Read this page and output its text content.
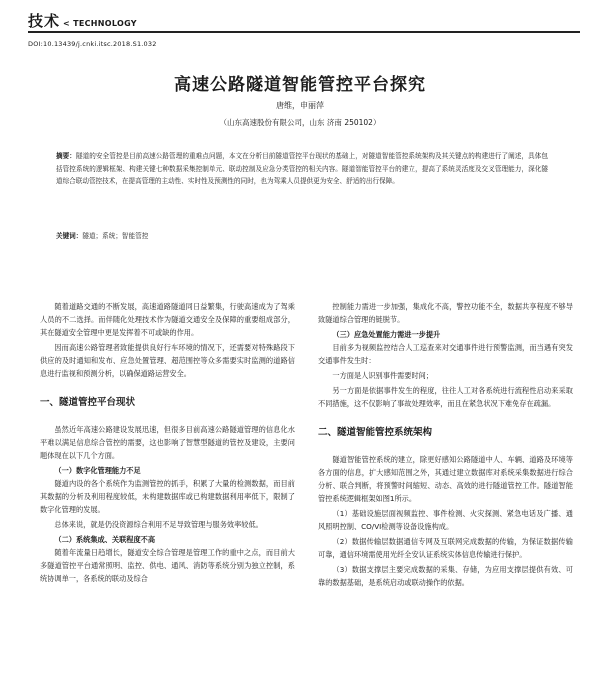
技术 < TECHNOLOGY
DOI:10.13439/j.cnki.itsc.2018.S1.032
高速公路隧道智能管控平台探究
唐维，申丽萍
（山东高速股份有限公司，山东 济南 250102）
摘要：隧道的安全管控是目前高速公路管理的重难点问题，本文在分析目前隧道管控平台现状的基础上，对隧道智能管控系统架构及其关键点的构建进行了阐述，具体包括管控系统的逻辑框架、构建关键七种数据采集控制单元、联动控制及应急分类管控的相关内容。隧道智能管控平台的建立，提高了系统灵活度及交叉管理能力，深化隧道综合联动管控技术，在提高管理的主动性、实时性及预测性的同时，也为驾乘人员提供更为安全、舒适的出行保障。
关键词：隧道；系统；智能管控

随着道路交通的不断发展，高速道路隧道同日益繁集，行驶高速成为了驾乘人员的不二选择。而伴随化处理技术作为隧道交通安全及保障的重要组成部分，其在隧道安全管理中更是发挥着不可或缺的作用。

因而高速公路管理者致能提供良好行车环境的情况下，还需要对特殊路段下供应的及时通知和发布、应急处置管理、超范围控等众多需要实时监测的道路信息进行监视和预测分析，以确保道路运营安全。

一、隧道管控平台现状

虽然近年高速公路建设发展迅速，但很多目前高速公路隧道管理的信息化水平难以满足信息综合管控的需要，这也影响了智慧型隧道的管控及建设，主要问题体现在以下几个方面。

（一）数字化管理能力不足

隧道内设的各个系统作为监测管控的抓手，积累了大量的检测数据，而目前其数据的分析及利用程度较低，未构建数据库或已构建数据利用率低下，限制了数字化管理的发展。

总体来说，就是仍没资源综合利用不足导致管理与服务效率较低。

（二）系统集成、关联程度不高

随着年流量日趋增长，隧道安全综合管理是管理工作的重中之点，而目前大多隧道管控平台通常照明、监控、供电、通风、消防等系统分别为独立控制，系统协调单一，各系统的联动及综合

控制能力需进一步加强，集成化不高，警控功能不全，数据共享程度不够导致隧道综合管理的链脱节。

（三）应急处置能力需进一步提升

目前多为视频监控结合人工巡查来对交通事件进行预警监测，而当遇有突发交通事件发生时：

一方面是人识别事件需要时间；

另一方面是依据事件发生的程度，往往人工对各系统进行流程性启动来采取不同措施，这不仅影响了事故处理效率，而且在紧急状况下难免存在疏漏。

二、隧道智能管控系统架构

隧道智能管控系统的建立，除更好感知公路隧道中人、车辆、道路及环境等各方面的信息，扩大感知范围之外，其通过建立数据库对系统采集数据进行综合分析、联合判断，将预警时间缩短、动态、高效的进行隧道管控工作。隧道智能管控系统逻辑框架如图1所示。

（1）基础设施层面视频监控、事件检测、火灾探测、紧急电话及广播、通风照明控制、CO/VI检测等设备设施构成。

（2）数据传输层数据通信专网及互联网完成数据的传输，为保证数据传输可靠，通信环境需使用光纤全安认证系统实体信息传输进行保护。

（3）数据支撑层主要完成数据的采集、存储，为应用支撑层提供有效、可靠的数据基础，是系统启动或联动操作的依据。
